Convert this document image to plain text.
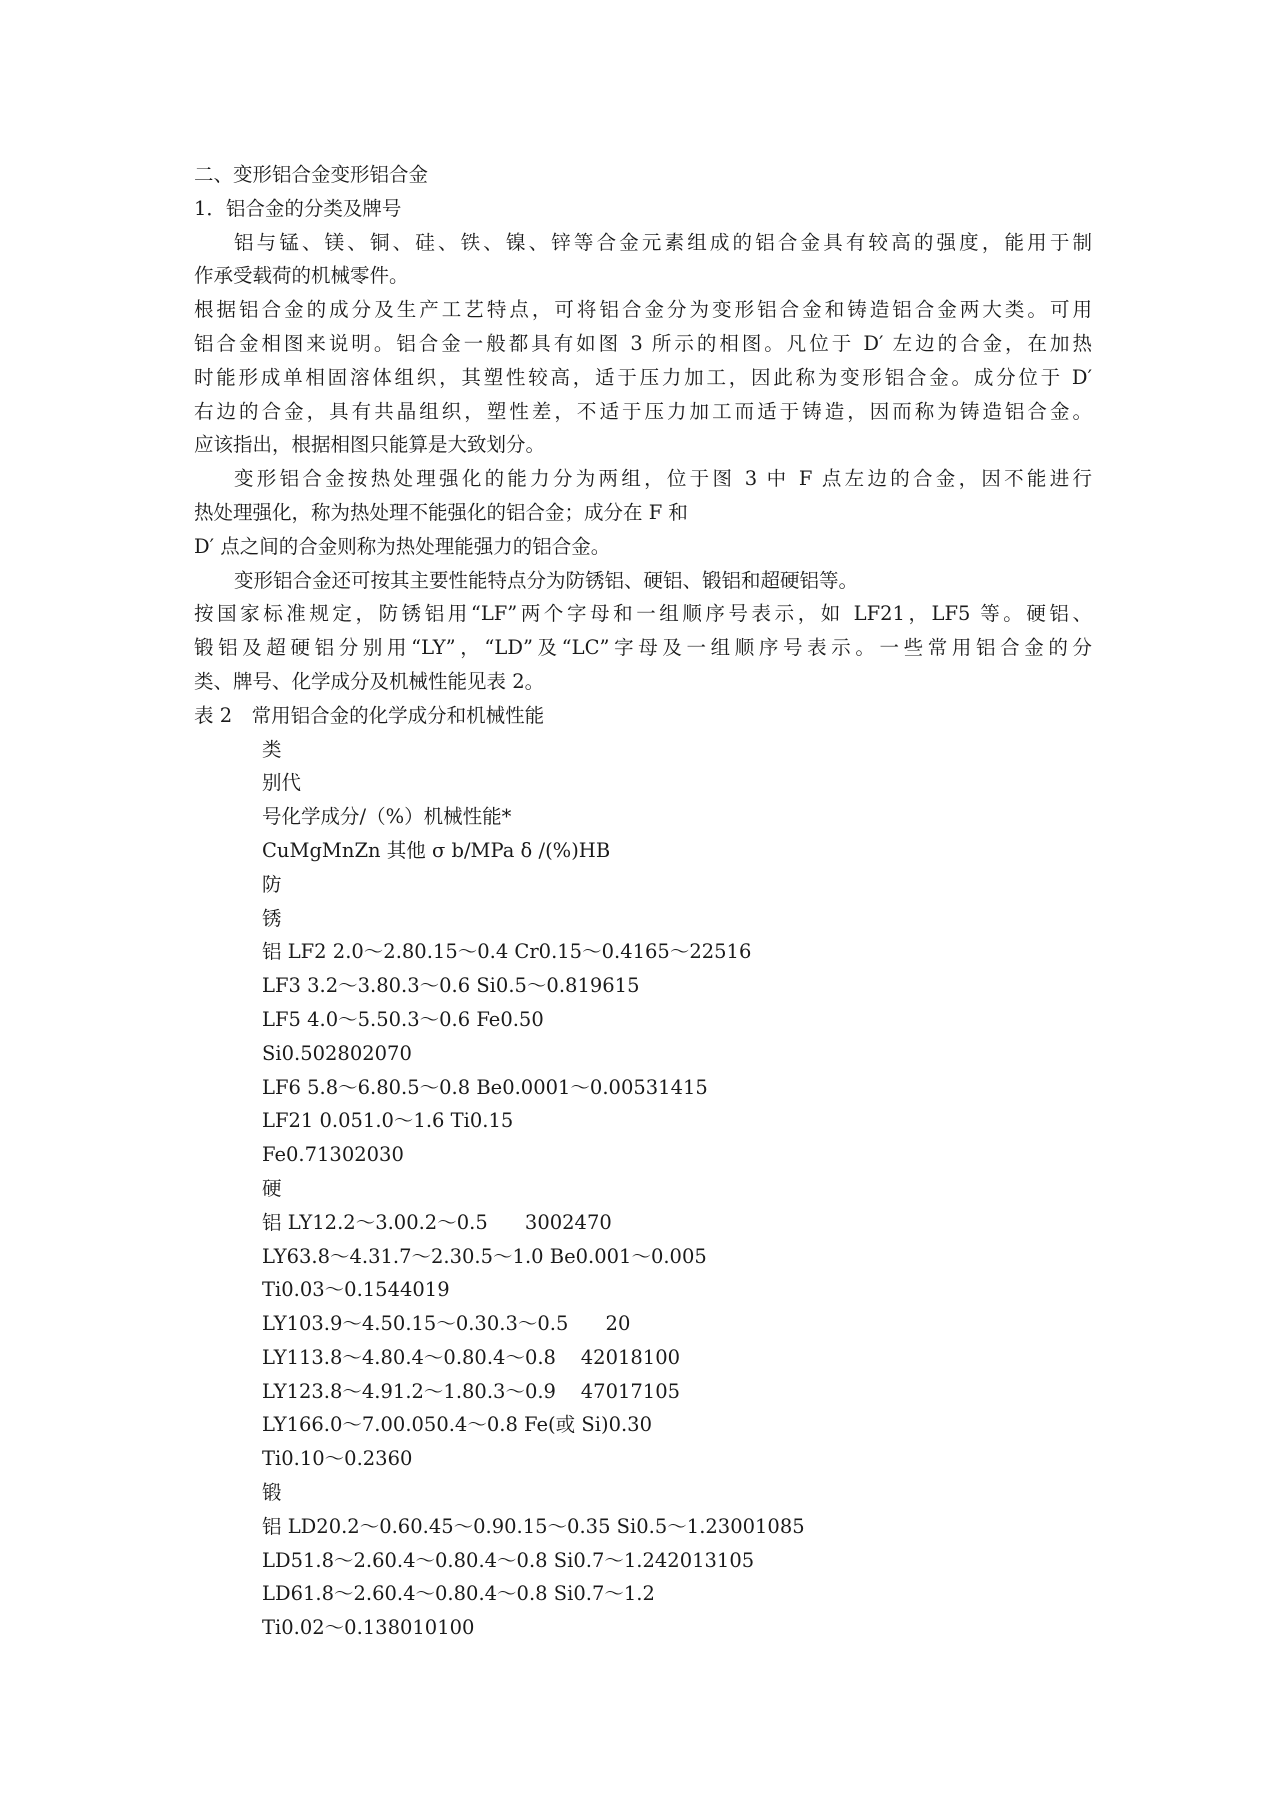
二、变形铝合金变形铝合金
1．铝合金的分类及牌号
铝与锰、镁、铜、硅、铁、镍、锌等合金元素组成的铝合金具有较高的强度，能用于制
作承受载荷的机械零件。
根据铝合金的成分及生产工艺特点，可将铝合金分为变形铝合金和铸造铝合金两大类。可用
铝合金相图来说明。铝合金一般都具有如图 3 所示的相图。凡位于 D′ 左边的合金，在加热
时能形成单相固溶体组织，其塑性较高，适于压力加工，因此称为变形铝合金。成分位于 D′
右边的合金，具有共晶组织，塑性差，不适于压力加工而适于铸造，因而称为铸造铝合金。
应该指出，根据相图只能算是大致划分。
变形铝合金按热处理强化的能力分为两组，位于图 3 中 F 点左边的合金，因不能进行
热处理强化，称为热处理不能强化的铝合金；成分在 F 和
D′ 点之间的合金则称为热处理能强力的铝合金。
变形铝合金还可按其主要性能特点分为防锈铝、硬铝、锻铝和超硬铝等。
按国家标准规定，防锈铝用“LF”两个字母和一组顺序号表示，如 LF21，LF5 等。硬铝、
锻铝及超硬铝分别用“LY”，“LD”及“LC”字母及一组顺序号表示。一些常用铝合金的分
类、牌号、化学成分及机械性能见表 2。
表 2　常用铝合金的化学成分和机械性能
类
别代
号化学成分/（%）机械性能*
CuMgMnZn 其他 σ b/MPa δ /(%)HB
防
锈
铝 LF2 2.0～2.80.15～0.4 Cr0.15～0.4165～22516
LF3 3.2～3.80.3～0.6 Si0.5～0.819615
LF5 4.0～5.50.3～0.6 Fe0.50
Si0.502802070
LF6 5.8～6.80.5～0.8 Be0.0001～0.00531415
LF21 0.051.0～1.6 Ti0.15
Fe0.71302030
硬
铝 LY12.2～3.00.2～0.5      3002470
LY63.8～4.31.7～2.30.5～1.0 Be0.001～0.005
Ti0.03～0.1544019
LY103.9～4.50.15～0.30.3～0.5      20
LY113.8～4.80.4～0.80.4～0.8    42018100
LY123.8～4.91.2～1.80.3～0.9    47017105
LY166.0～7.00.050.4～0.8 Fe(或 Si)0.30
Ti0.10～0.2360
锻
铝 LD20.2～0.60.45～0.90.15～0.35 Si0.5～1.23001085
LD51.8～2.60.4～0.80.4～0.8 Si0.7～1.242013105
LD61.8～2.60.4～0.80.4～0.8 Si0.7～1.2
Ti0.02～0.138010100
